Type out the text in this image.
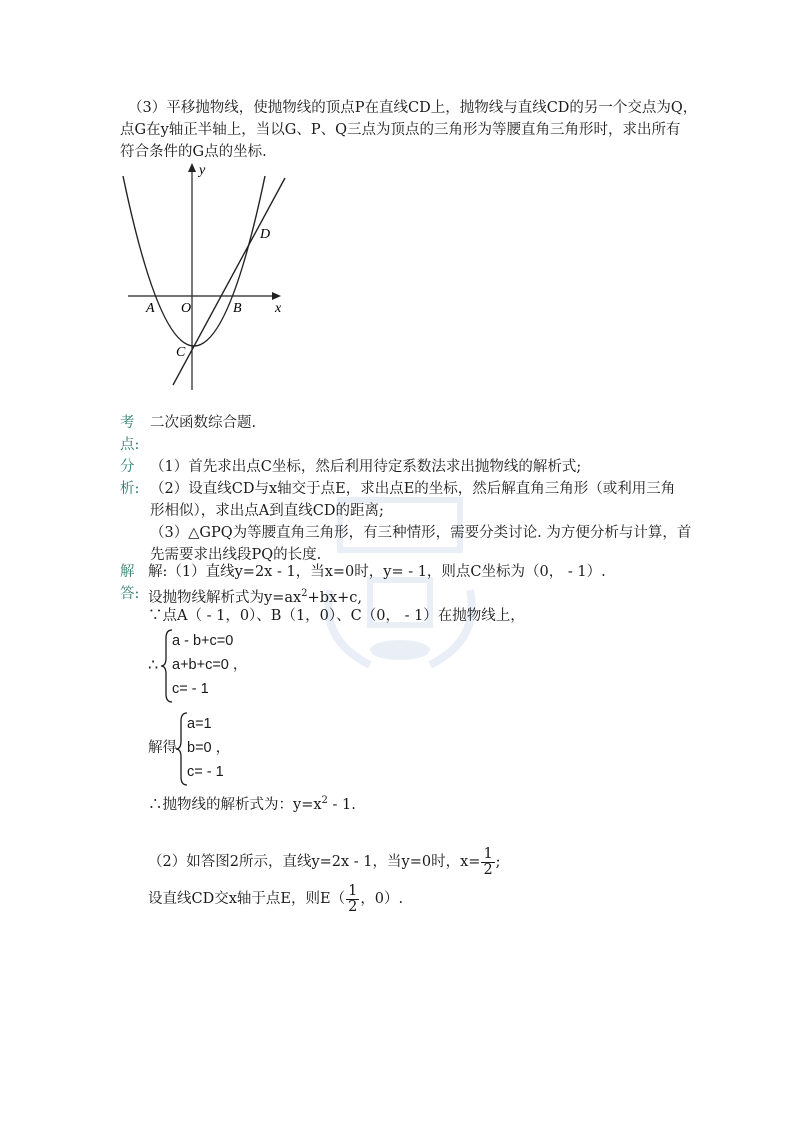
（3）平移抛物线，使抛物线的顶点P在直线CD上，抛物线与直线CD的另一个交点为Q，
点G在y轴正半轴上，当以G、P、Q三点为顶点的三角形为等腰直角三角形时，求出所有
符合条件的G点的坐标.
y
x
O
A	B
C
D
考 二次函数综合题.
点:
分 （1）首先求出点C坐标，然后利用待定系数法求出抛物线的解析式;
析: （2）设直线CD与x轴交于点E，求出点E的坐标，然后解直角三角形（或利用三角
形相似），求出点A到直线CD的距离;
（3）△GPQ为等腰直角三角形，有三种情形，需要分类讨论. 为方便分析与计算，首
先需要求出线段PQ的长度.
解 解:（1）直线y=2x - 1，当x=0时，y= - 1，则点C坐标为（0， - 1）.
答: 设抛物线解析式为$y=ax^2+bx+c$,
∵点A（ - 1，0）、B（1，0）、C（0， - 1）在抛物线上，
∴
a - b+c=0
a+b+c=0 ，
c= - 1
解得
a=1
b=0 ，
c= - 1
∴抛物线的解析式为：$y=x^2 - 1$.
（2）如答图2所示，直线y=2x - 1，当y=0时，$x= \frac{1}{2}$ ;
设直线CD交x轴于点E，则$E( \frac{1}{2}$ ，0）.
